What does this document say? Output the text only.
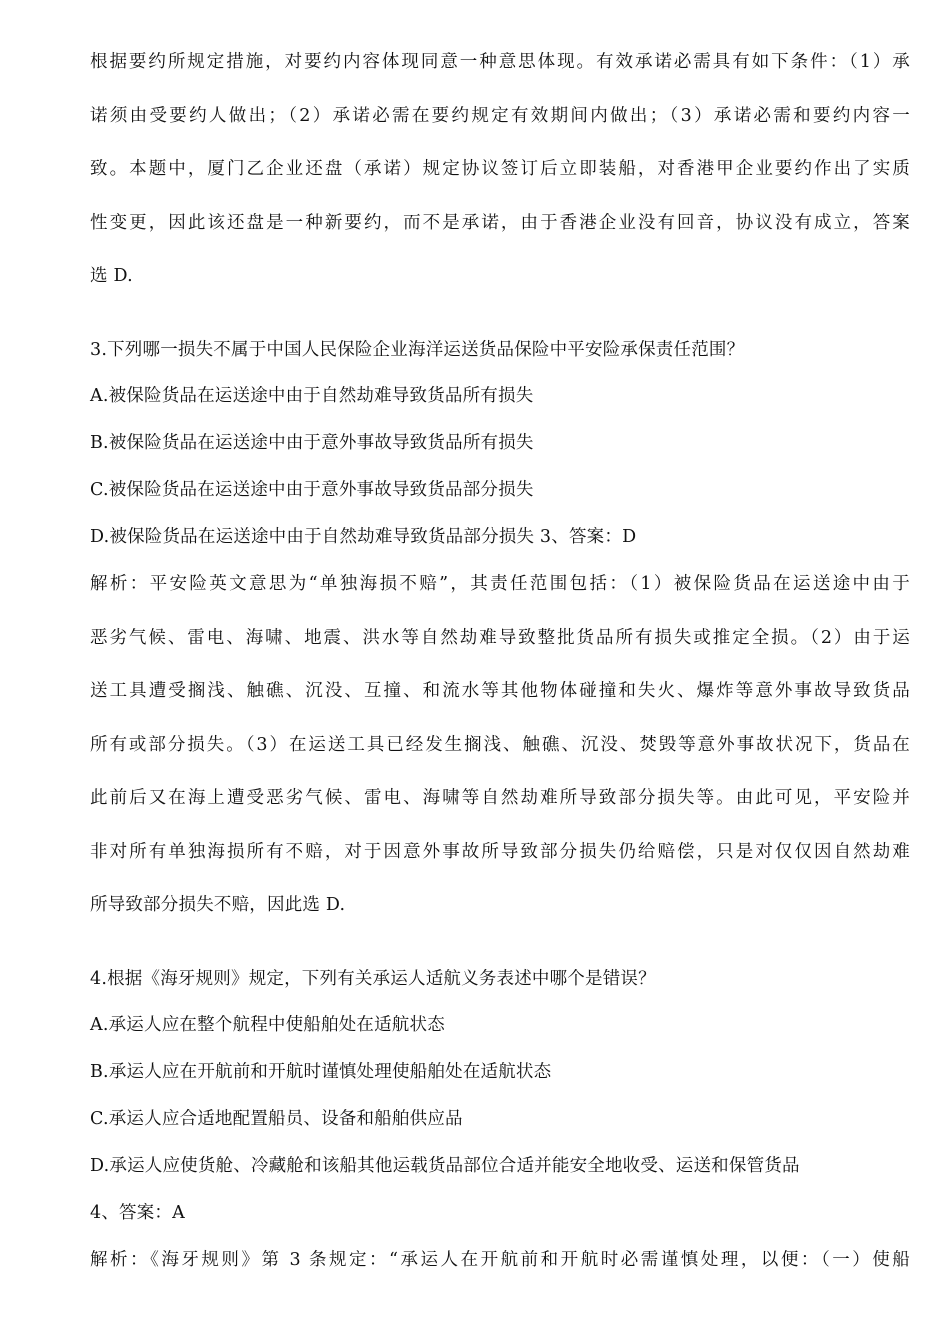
根据要约所规定措施，对要约内容体现同意一种意思体现。有效承诺必需具有如下条件：（1）承
诺须由受要约人做出；（2）承诺必需在要约规定有效期间内做出；（3）承诺必需和要约内容一
致。本题中，厦门乙企业还盘（承诺）规定协议签订后立即装船，对香港甲企业要约作出了实质
性变更，因此该还盘是一种新要约，而不是承诺，由于香港企业没有回音，协议没有成立，答案
选 D.
3.下列哪一损失不属于中国人民保险企业海洋运送货品保险中平安险承保责任范围？
A.被保险货品在运送途中由于自然劫难导致货品所有损失
B.被保险货品在运送途中由于意外事故导致货品所有损失
C.被保险货品在运送途中由于意外事故导致货品部分损失
D.被保险货品在运送途中由于自然劫难导致货品部分损失 3、答案：D
解析：平安险英文意思为“单独海损不赔”，其责任范围包括：（1）被保险货品在运送途中由于
恶劣气候、雷电、海啸、地震、洪水等自然劫难导致整批货品所有损失或推定全损。（2）由于运
送工具遭受搁浅、触礁、沉没、互撞、和流水等其他物体碰撞和失火、爆炸等意外事故导致货品
所有或部分损失。（3）在运送工具已经发生搁浅、触礁、沉没、焚毁等意外事故状况下，货品在
此前后又在海上遭受恶劣气候、雷电、海啸等自然劫难所导致部分损失等。由此可见，平安险并
非对所有单独海损所有不赔，对于因意外事故所导致部分损失仍给赔偿，只是对仅仅因自然劫难
所导致部分损失不赔，因此选 D.
4.根据《海牙规则》规定，下列有关承运人适航义务表述中哪个是错误？
A.承运人应在整个航程中使船舶处在适航状态
B.承运人应在开航前和开航时谨慎处理使船舶处在适航状态
C.承运人应合适地配置船员、设备和船舶供应品
D.承运人应使货舱、冷藏舱和该船其他运载货品部位合适并能安全地收受、运送和保管货品
4、答案：A
解析：《海牙规则》第 3 条规定：“承运人在开航前和开航时必需谨慎处理，以便：（一）使船
